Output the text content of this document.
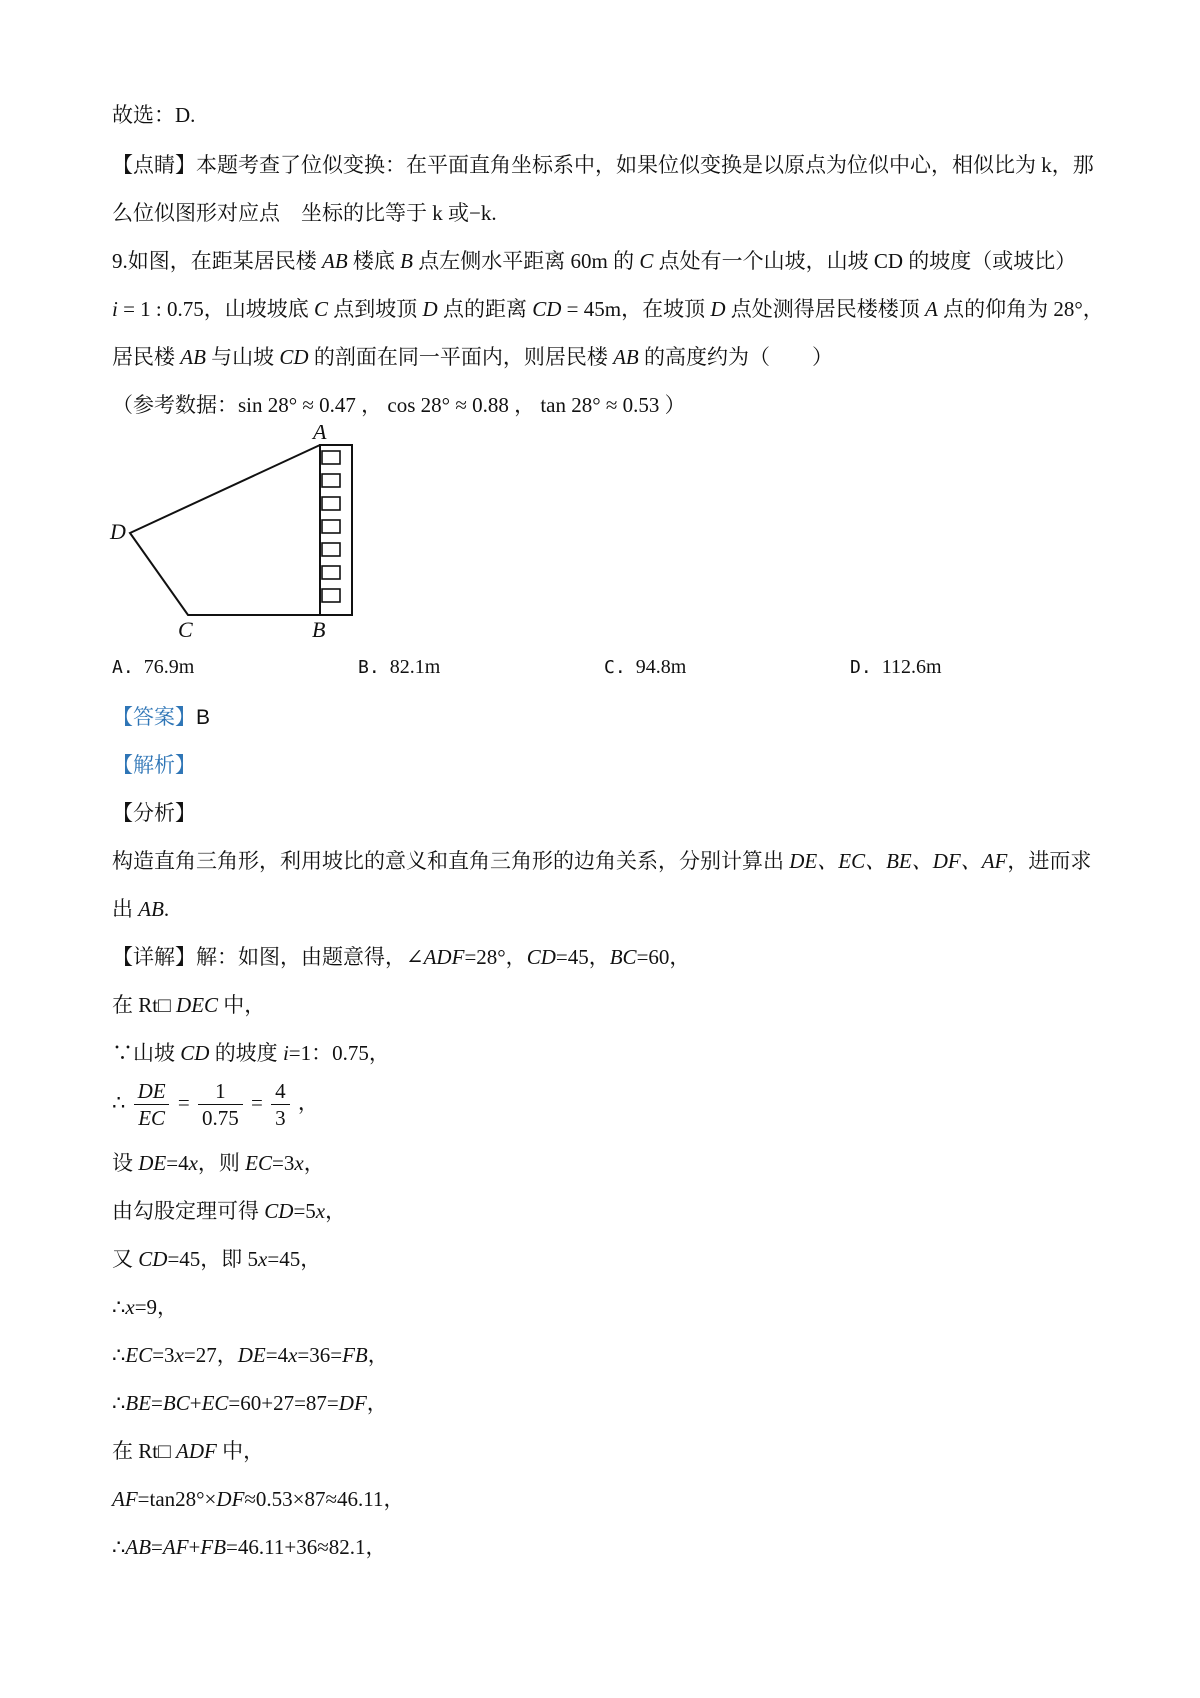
故选：D.
【点睛】本题考查了位似变换：在平面直角坐标系中，如果位似变换是以原点为位似中心，相似比为 k，那
么位似图形对应点　坐标的比等于 k 或−k.
9.如图，在距某居民楼 AB 楼底 B 点左侧水平距离 60m 的 C 点处有一个山坡，山坡 CD 的坡度（或坡比）
i = 1 : 0.75，山坡坡底 C 点到坡顶 D 点的距离 CD = 45m，在坡顶 D 点处测得居民楼楼顶 A 点的仰角为 28°，
居民楼 AB 与山坡 CD 的剖面在同一平面内，则居民楼 AB 的高度约为（　　）
（参考数据：sin 28° ≈ 0.47 ， cos 28° ≈ 0.88 ， tan 28° ≈ 0.53 ）
A
B
C
D
A. 76.9m	B. 82.1m	C. 94.8m	D. 112.6m
【答案】B
【解析】
【分析】
构造直角三角形，利用坡比的意义和直角三角形的边角关系，分别计算出 DE、EC、BE、DF、AF，进而求
出 AB.
【详解】解：如图，由题意得，∠ADF=28°，CD=45，BC=60，
在 Rt□ DEC 中，
∵山坡 CD 的坡度 i=1：0.75，
∴ $\frac{DE}{EC} = \frac{1}{0.75} = \frac{4}{3}$ ，
设 DE=4x，则 EC=3x，
由勾股定理可得 CD=5x，
又 CD=45，即 5x=45，
∴x=9，
∴EC=3x=27，DE=4x=36=FB，
∴BE=BC+EC=60+27=87=DF，
在 Rt□ ADF 中，
AF=tan28°×DF≈0.53×87≈46.11，
∴AB=AF+FB=46.11+36≈82.1，
